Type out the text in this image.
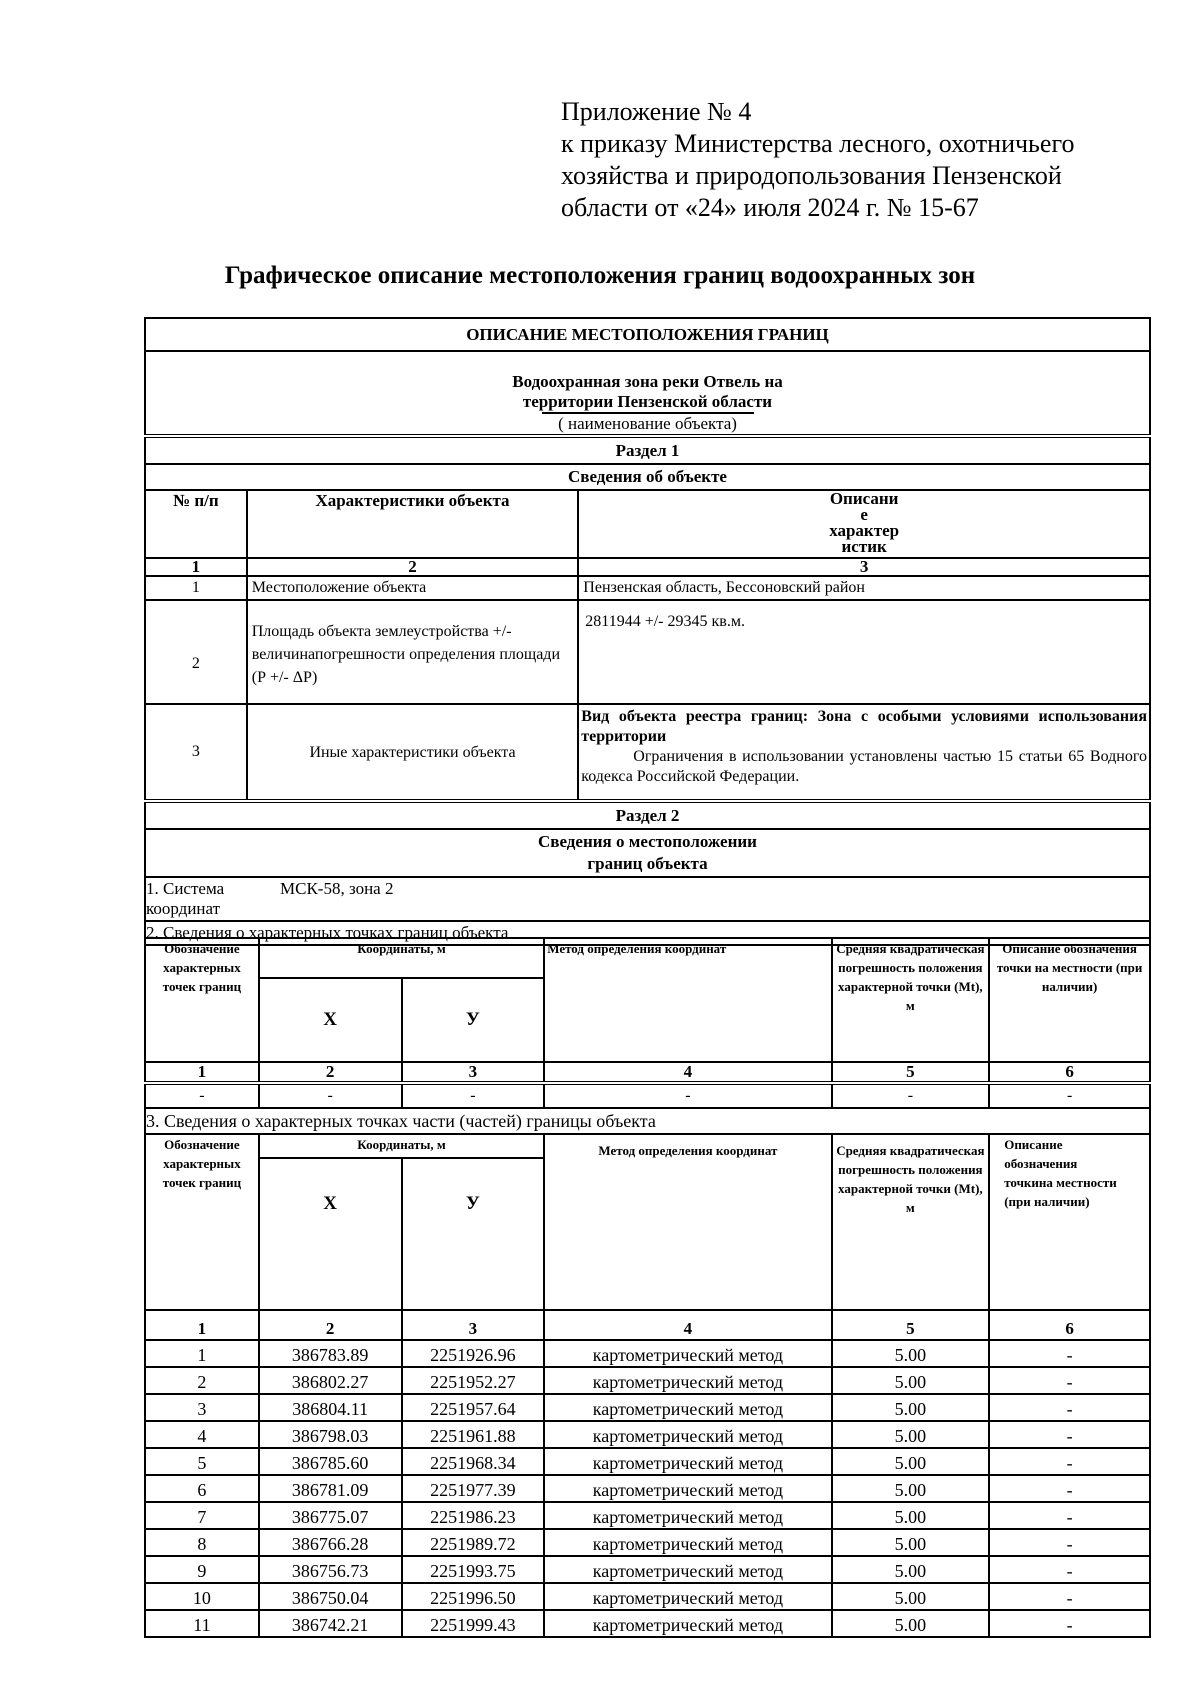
Приложение № 4
к приказу Министерства лесного, охотничьего
хозяйства и природопользования Пензенской
области от «24» июля 2024 г. № 15-67
Графическое описание местоположения границ водоохранных зон
ОПИСАНИЕ МЕСТОПОЛОЖЕНИЯ ГРАНИЦ		

Водоохранная зона реки Отвель на
территории Пензенской области
( наименование объекта)		

Раздел 1		
Сведения об объекте		
№ п/п	Характеристики объекта	Описани
е
характер
истик

1	2	3
1	Местоположение объекта	Пензенская область, Бессоновский район
2	Площадь объекта землеустройства +/- величинапогрешности определения площади (Р +/- ΔР)	2811944 +/- 29345 кв.м.
3	Иные характеристики объекта	Вид объекта реестра границ: Зона с особыми условиями использования территории
Ограничения в использовании установлены частью 15 статьи 65 Водного кодекса Российской Федерации.

Раздел 2		

Сведения о местоположении
границ объекта		

1. Система координат
МСК-58, зона 2		

2. Сведения о характерных точках границ объекта		
Обозначение характерных точек границ	Координаты, м		Метод определения координат	Средняя квадратическая погрешность положения характерной точки (Mt), м	Описание обозначения точки на местности (при наличии)
	Х	У			
1	2	3	4	5	6
-	-	-	-	-	-
3. Сведения о характерных точках части (частей) границы объекта					
Обозначение характерных точек границ	Координаты, м		Метод определения координат	Средняя квадратическая погрешность положения характерной точки (Mt), м	Описание обозначения точкина местности (при наличии)
	Х	У			
1	2	3	4	5	6
1	386783.89	2251926.96	картометрический метод	5.00	-
2	386802.27	2251952.27	картометрический метод	5.00	-
3	386804.11	2251957.64	картометрический метод	5.00	-
4	386798.03	2251961.88	картометрический метод	5.00	-
5	386785.60	2251968.34	картометрический метод	5.00	-
6	386781.09	2251977.39	картометрический метод	5.00	-
7	386775.07	2251986.23	картометрический метод	5.00	-
8	386766.28	2251989.72	картометрический метод	5.00	-
9	386756.73	2251993.75	картометрический метод	5.00	-
10	386750.04	2251996.50	картометрический метод	5.00	-
11	386742.21	2251999.43	картометрический метод	5.00	-
